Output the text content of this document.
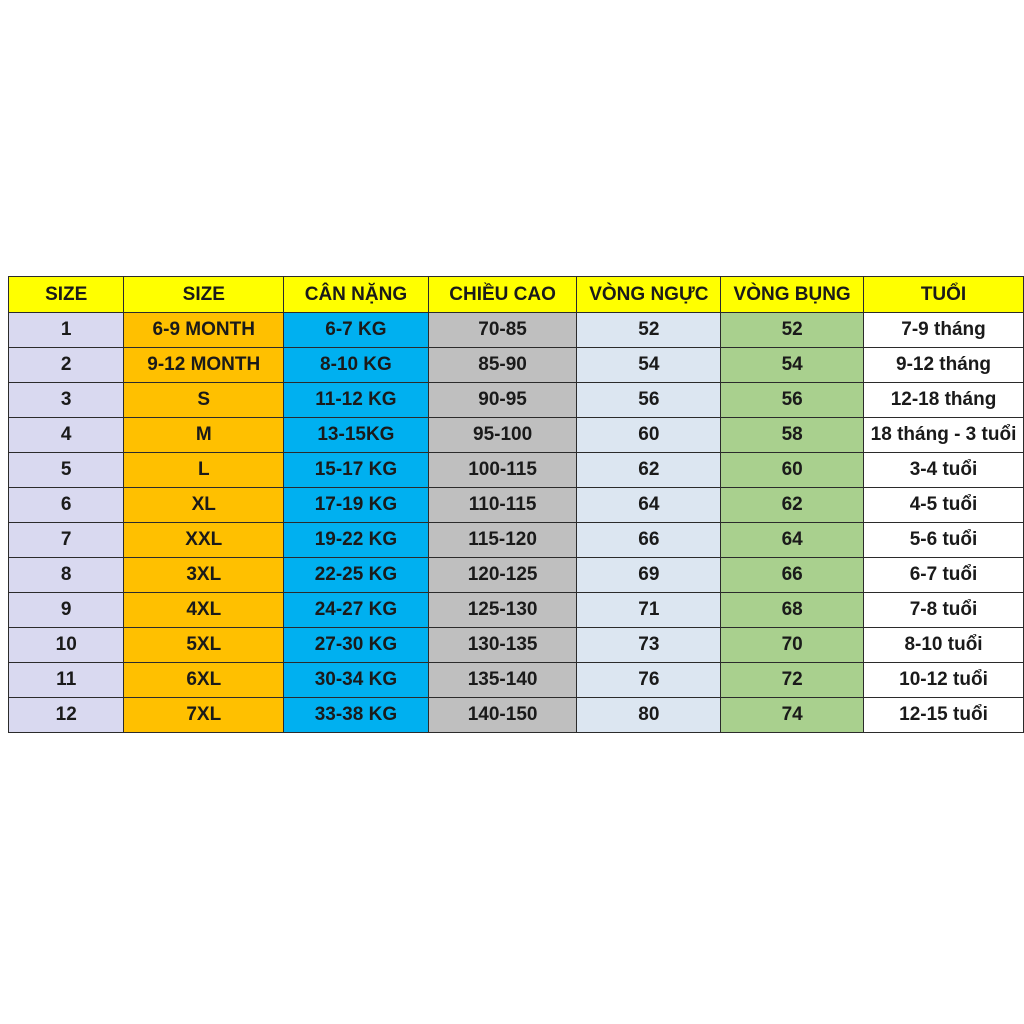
SIZE	SIZE	CÂN NẶNG	CHIỀU CAO	VÒNG NGỰC	VÒNG BỤNG	TUỔI
1	6-9 MONTH	6-7 KG	70-85	52	52	7-9 tháng
2	9-12 MONTH	8-10 KG	85-90	54	54	9-12 tháng
3	S	11-12 KG	90-95	56	56	12-18 tháng
4	M	13-15KG	95-100	60	58	18 tháng - 3 tuổi
5	L	15-17 KG	100-115	62	60	3-4 tuổi
6	XL	17-19 KG	110-115	64	62	4-5 tuổi
7	XXL	19-22 KG	115-120	66	64	5-6 tuổi
8	3XL	22-25 KG	120-125	69	66	6-7 tuổi
9	4XL	24-27 KG	125-130	71	68	7-8 tuổi
10	5XL	27-30 KG	130-135	73	70	8-10 tuổi
11	6XL	30-34 KG	135-140	76	72	10-12 tuổi
12	7XL	33-38 KG	140-150	80	74	12-15 tuổi
